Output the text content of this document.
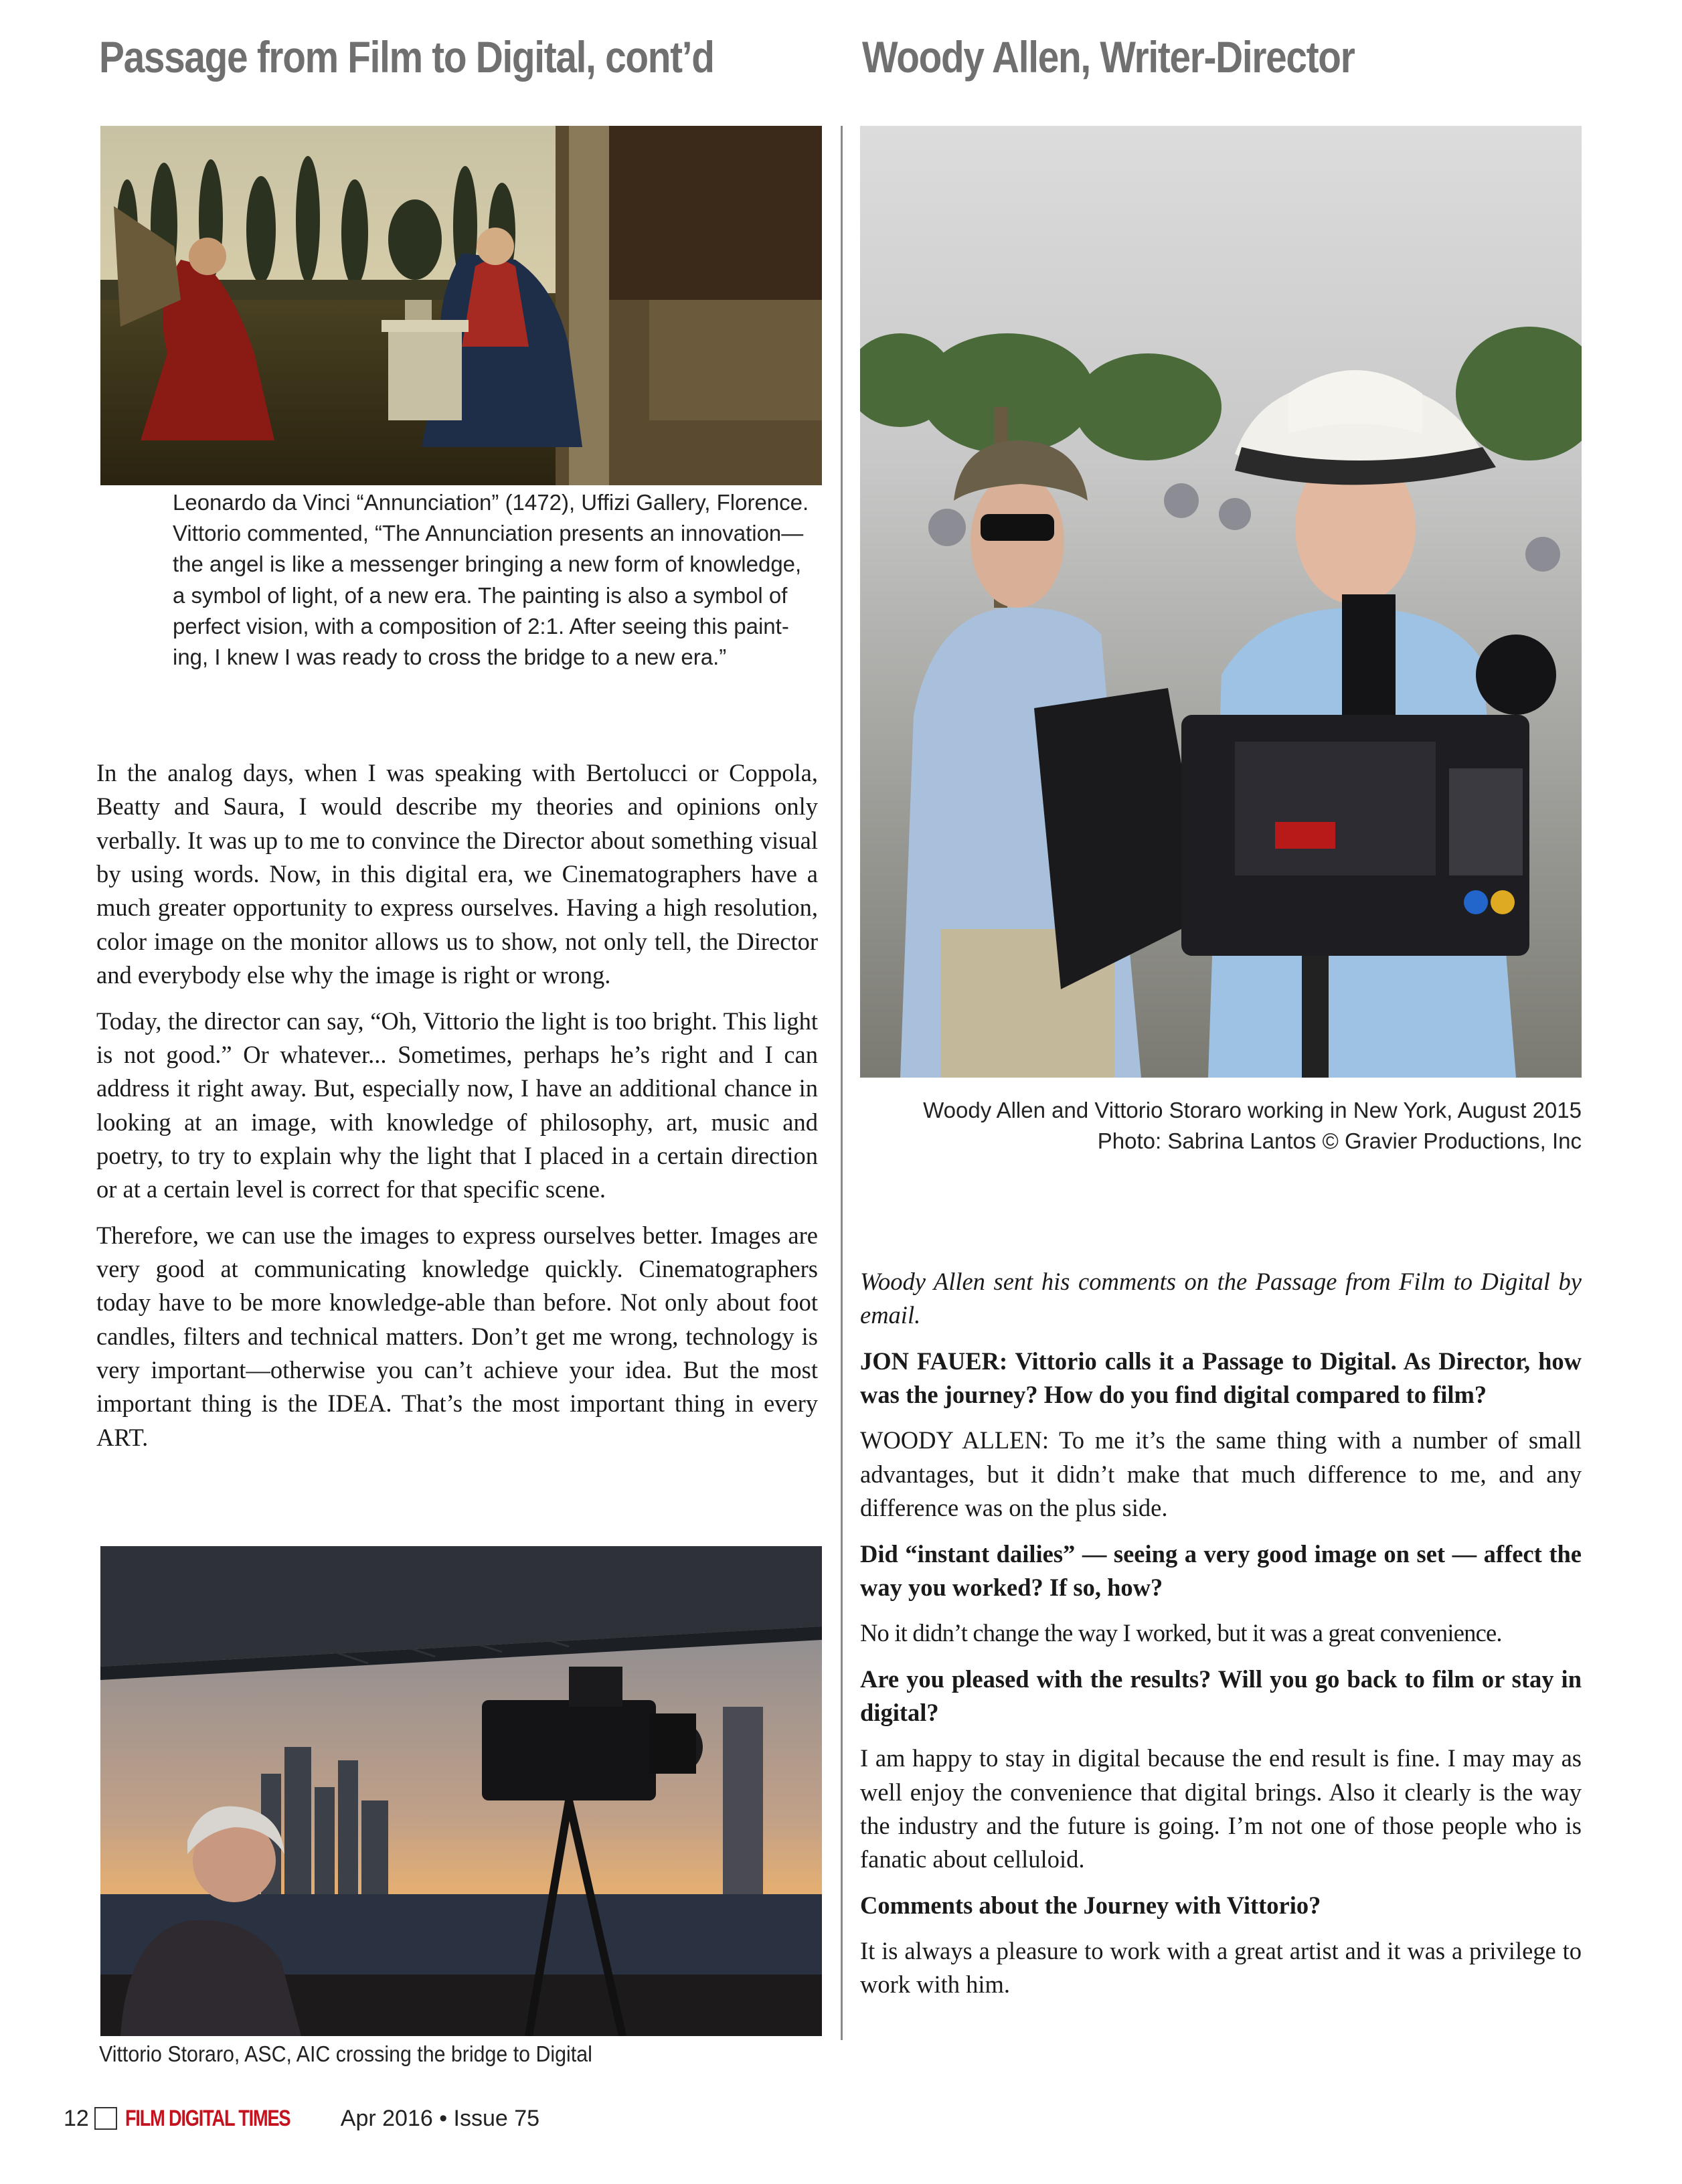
Passage from Film to Digital, cont’d	Woody Allen, Writer-Director
Leonardo da Vinci “Annunciation” (1472), Uffizi Gallery, Florence.
Vittorio commented, “The Annunciation presents an innovation—
the angel is like a messenger bringing a new form of knowledge,
a symbol of light, of a new era. The painting is also a symbol of
perfect vision, with a composition of 2:1. After seeing this paint-
ing, I knew I was ready to cross the bridge to a new era.”

In the analog days, when I was speaking with Bertolucci or Coppola, Beatty and Saura, I would describe my theories and opinions only verbally. It was up to me to convince the Director about something visual by using words. Now, in this digital era, we Cinematographers have a much greater opportunity to express ourselves. Having a high resolution, color image on the monitor allows us to show, not only tell, the Director and everybody else why the image is right or wrong.

Today, the director can say, “Oh, Vittorio the light is too bright. This light is not good.” Or whatever... Sometimes, perhaps he’s right and I can address it right away. But, especially now, I have an additional chance in looking at an image, with knowledge of philosophy, art, music and poetry, to try to explain why the light that I placed in a certain direction or at a certain level is correct for that specific scene.

Therefore, we can use the images to express ourselves better. Images are very good at communicating knowledge quickly. Cinematographers today have to be more knowledge-able than before. Not only about foot candles, filters and technical matters. Don’t get me wrong, technology is very important—otherwise you can’t achieve your idea. But the most important thing is the IDEA. That’s the most important thing in every ART.

Vittorio Storaro, ASC, AIC crossing the bridge to Digital
Woody Allen and Vittorio Storaro working in New York, August 2015
Photo: Sabrina Lantos © Gravier Productions, Inc

Woody Allen sent his comments on the Passage from Film to Digital by email.

JON FAUER: Vittorio calls it a Passage to Digital. As Director, how was the journey? How do you find digital compared to film?

WOODY ALLEN: To me it’s the same thing with a number of small advantages, but it didn’t make that much difference to me, and any difference was on the plus side.

Did “instant dailies” — seeing a very good image on set — affect the way you worked? If so, how?

No it didn’t change the way I worked, but it was a great convenience.

Are you pleased with the results? Will you go back to film or stay in digital?

I am happy to stay in digital because the end result is fine. I may may as well enjoy the convenience that digital brings. Also it clearly is the way the industry and the future is going. I’m not one of those people who is fanatic about celluloid.

Comments about the Journey with Vittorio?

It is always a pleasure to work with a great artist and it was a privilege to work with him.

12 FILM DIGITAL TIMES Apr 2016 • Issue 75
